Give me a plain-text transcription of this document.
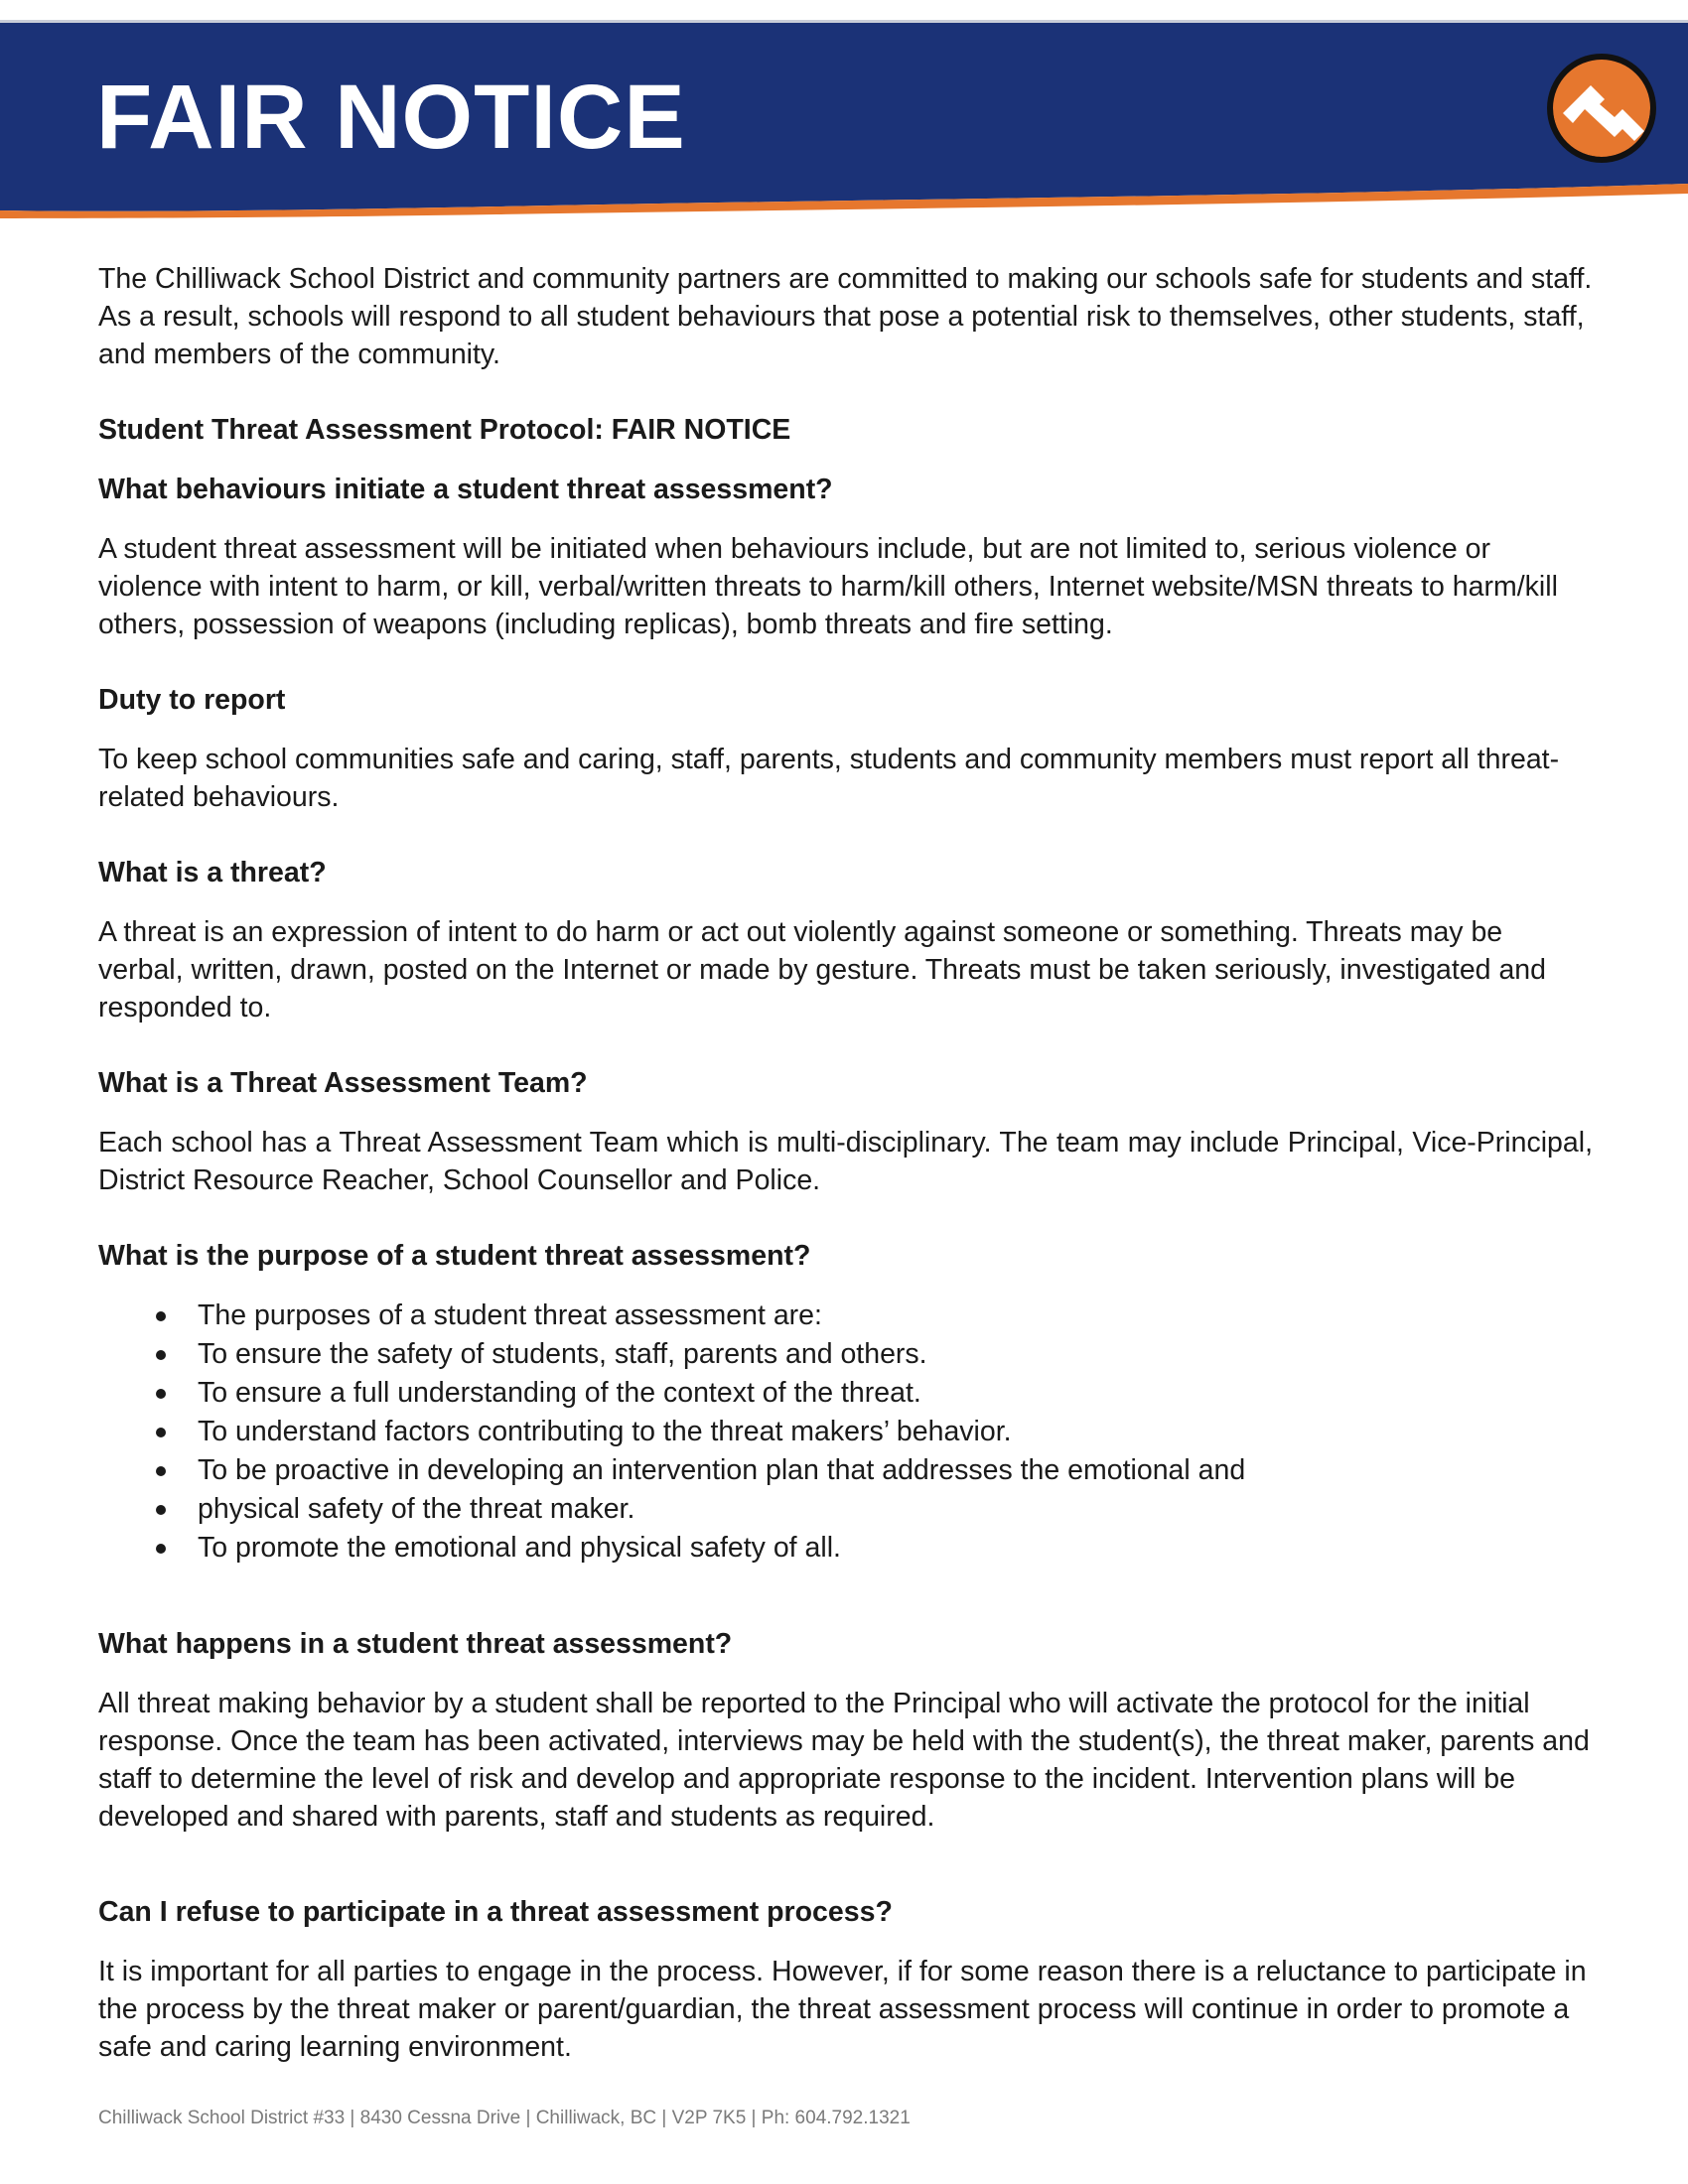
FAIR NOTICE

The Chilliwack School District and community partners are committed to making our schools safe for students and staff. As a result, schools will respond to all student behaviours that pose a potential risk to themselves, other students, staff, and members of the community.

Student Threat Assessment Protocol: FAIR NOTICE

What behaviours initiate a student threat assessment?

A student threat assessment will be initiated when behaviours include, but are not limited to, serious violence or violence with intent to harm, or kill, verbal/written threats to harm/kill others, Internet website/MSN threats to harm/kill others, possession of weapons (including replicas), bomb threats and fire setting.

Duty to report

To keep school communities safe and caring, staff, parents, students and community members must report all threat-related behaviours.

What is a threat?

A threat is an expression of intent to do harm or act out violently against someone or something. Threats may be verbal, written, drawn, posted on the Internet or made by gesture. Threats must be taken seriously, investigated and responded to.

What is a Threat Assessment Team?

Each school has a Threat Assessment Team which is multi-disciplinary. The team may include Principal, Vice-Principal, District Resource Reacher, School Counsellor and Police.

What is the purpose of a student threat assessment?

The purposes of a student threat assessment are:
To ensure the safety of students, staff, parents and others.
To ensure a full understanding of the context of the threat.
To understand factors contributing to the threat makers’ behavior.
To be proactive in developing an intervention plan that addresses the emotional and
physical safety of the threat maker.
To promote the emotional and physical safety of all.

What happens in a student threat assessment?

All threat making behavior by a student shall be reported to the Principal who will activate the protocol for the initial response. Once the team has been activated, interviews may be held with the student(s), the threat maker, parents and staff to determine the level of risk and develop and appropriate response to the incident. Intervention plans will be developed and shared with parents, staff and students as required.

Can I refuse to participate in a threat assessment process?

It is important for all parties to engage in the process. However, if for some reason there is a reluctance to participate in the process by the threat maker or parent/guardian, the threat assessment process will continue in order to promote a safe and caring learning environment.

Chilliwack School District #33 | 8430 Cessna Drive | Chilliwack, BC | V2P 7K5 | Ph: 604.792.1321
